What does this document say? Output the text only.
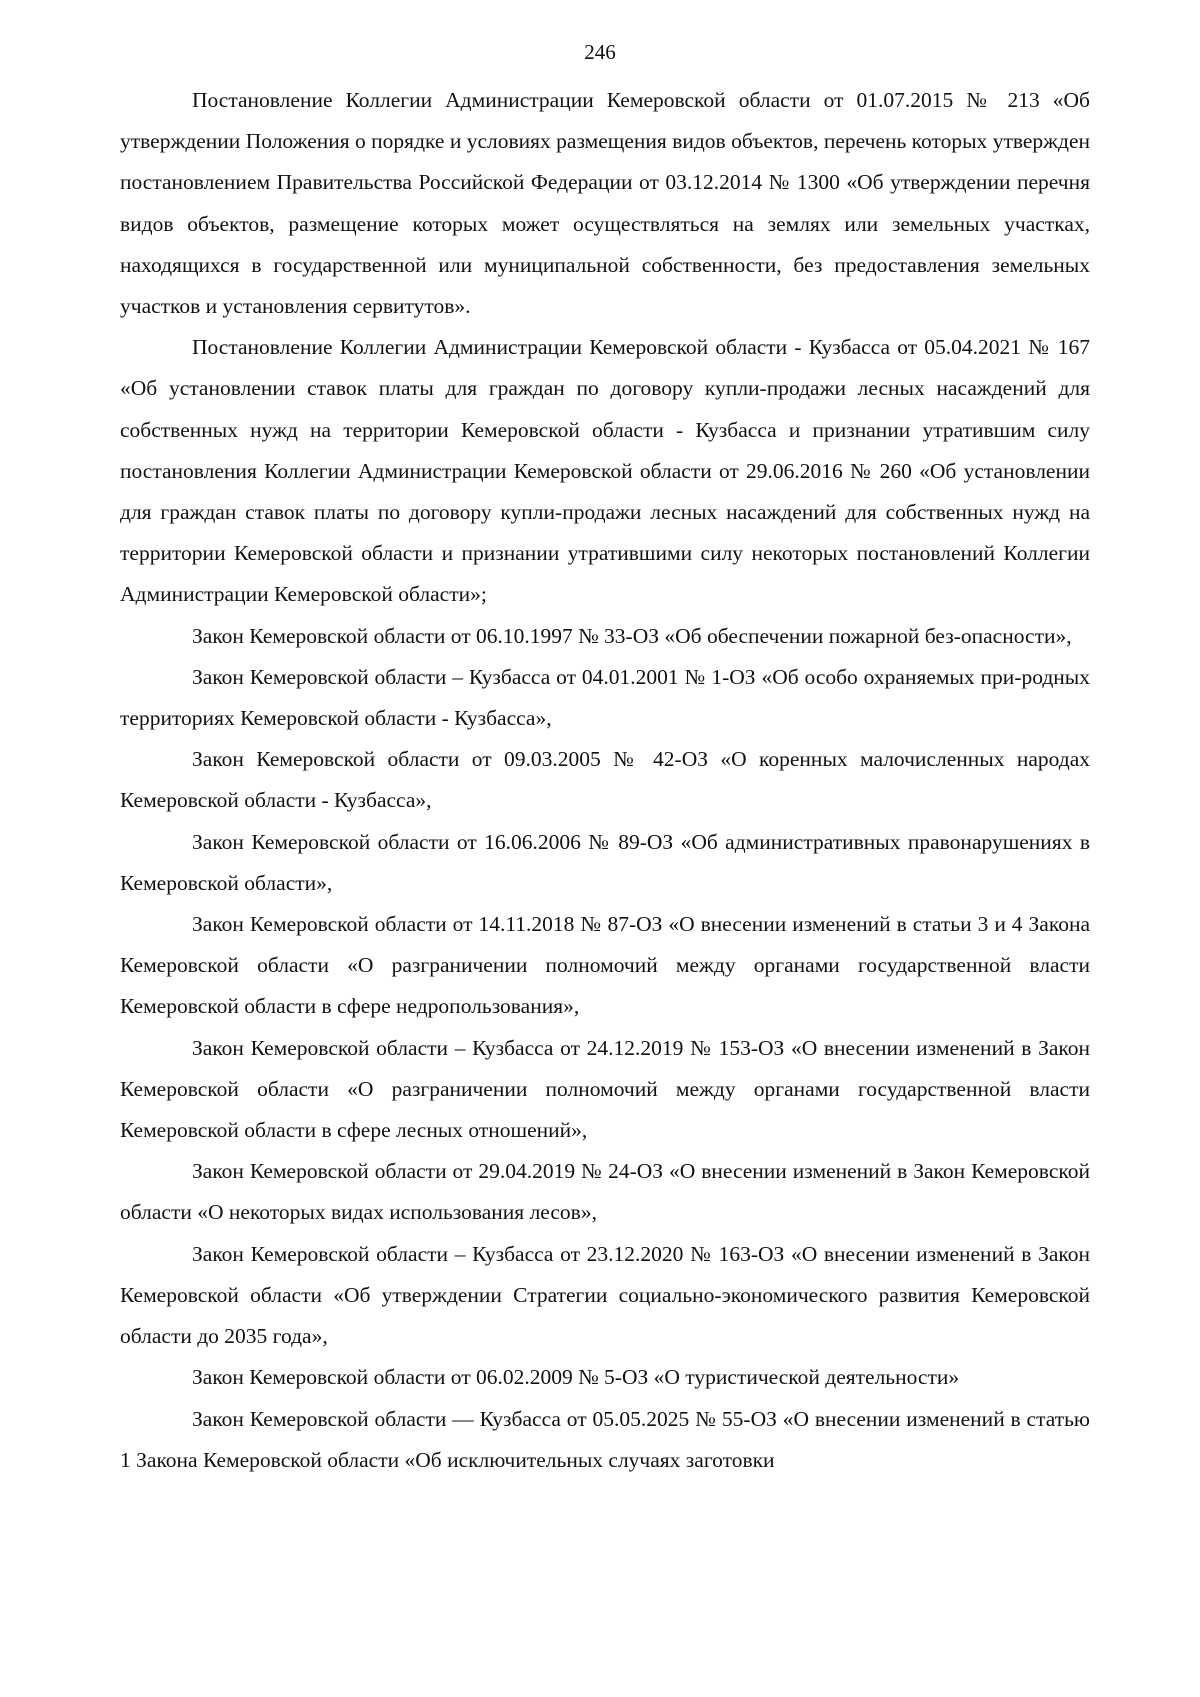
246

Постановление Коллегии Администрации Кемеровской области от 01.07.2015 № 213 «Об утверждении Положения о порядке и условиях размещения видов объектов, перечень которых утвержден постановлением Правительства Российской Федерации от 03.12.2014 № 1300 «Об утверждении перечня видов объектов, размещение которых может осуществляться на землях или земельных участках, находящихся в государственной или муниципальной собственности, без предоставления земельных участков и установления сервитутов».

Постановление Коллегии Администрации Кемеровской области - Кузбасса от 05.04.2021 № 167 «Об установлении ставок платы для граждан по договору купли-продажи лесных насаждений для собственных нужд на территории Кемеровской области - Кузбасса и признании утратившим силу постановления Коллегии Администрации Кемеровской области от 29.06.2016 № 260 «Об установлении для граждан ставок платы по договору купли-продажи лесных насаждений для собственных нужд на территории Кемеровской области и признании утратившими силу некоторых постановлений Коллегии Администрации Кемеровской области»;

Закон Кемеровской области от 06.10.1997 № 33-ОЗ «Об обеспечении пожарной без-опасности»,

Закон Кемеровской области – Кузбасса от 04.01.2001 № 1-ОЗ «Об особо охраняемых при-родных территориях Кемеровской области - Кузбасса»,

Закон Кемеровской области от 09.03.2005 № 42-ОЗ «О коренных малочисленных народах Кемеровской области - Кузбасса»,

Закон Кемеровской области от 16.06.2006 № 89-ОЗ «Об административных правонарушениях в Кемеровской области»,

Закон Кемеровской области от 14.11.2018 № 87-ОЗ «О внесении изменений в статьи 3 и 4 Закона Кемеровской области «О разграничении полномочий между органами государственной власти Кемеровской области в сфере недропользования»,

Закон Кемеровской области – Кузбасса от 24.12.2019 № 153-ОЗ «О внесении изменений в Закон Кемеровской области «О разграничении полномочий между органами государственной власти Кемеровской области в сфере лесных отношений»,

Закон Кемеровской области от 29.04.2019 № 24-ОЗ «О внесении изменений в Закон Кемеровской области «О некоторых видах использования лесов»,

Закон Кемеровской области – Кузбасса от 23.12.2020 № 163-ОЗ «О внесении изменений в Закон Кемеровской области «Об утверждении Стратегии социально-экономического развития Кемеровской области до 2035 года»,

Закон Кемеровской области от 06.02.2009 № 5-ОЗ «О туристической деятельности»

Закон Кемеровской области — Кузбасса от 05.05.2025 № 55-ОЗ «О внесении изменений в статью 1 Закона Кемеровской области «Об исключительных случаях заготовки
